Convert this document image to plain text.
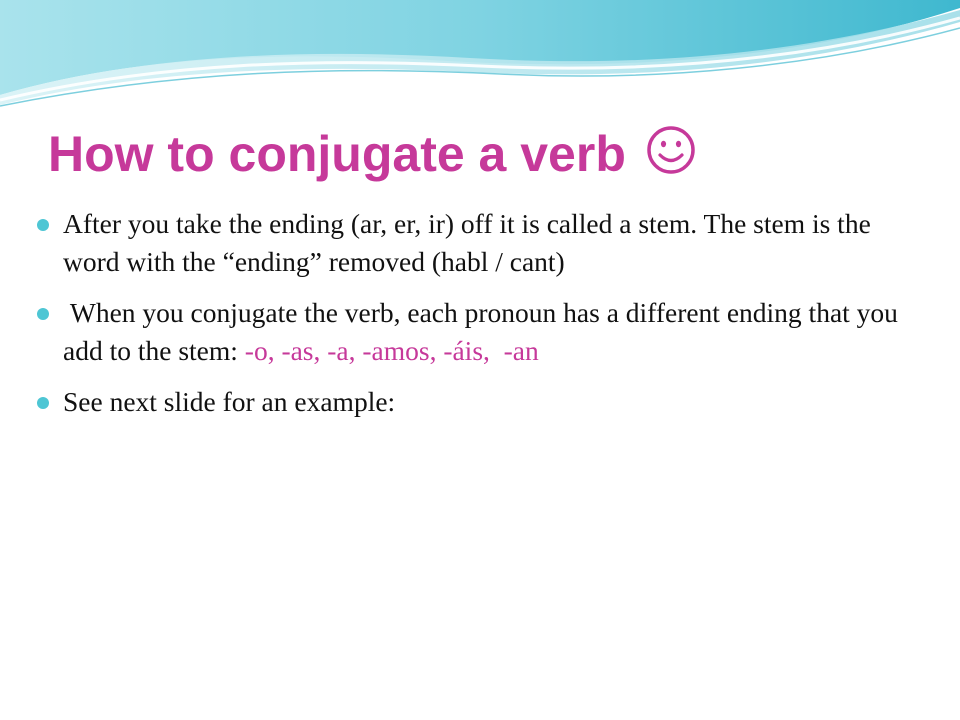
How to conjugate a verb
After you take the ending (ar, er, ir) off it is called a stem. The stem is the word with the “ending” removed (habl / cant)
When you conjugate the verb, each pronoun has a different ending that you add to the stem: -o, -as, -a, -amos, -áis,  -an
See next slide for an example:
